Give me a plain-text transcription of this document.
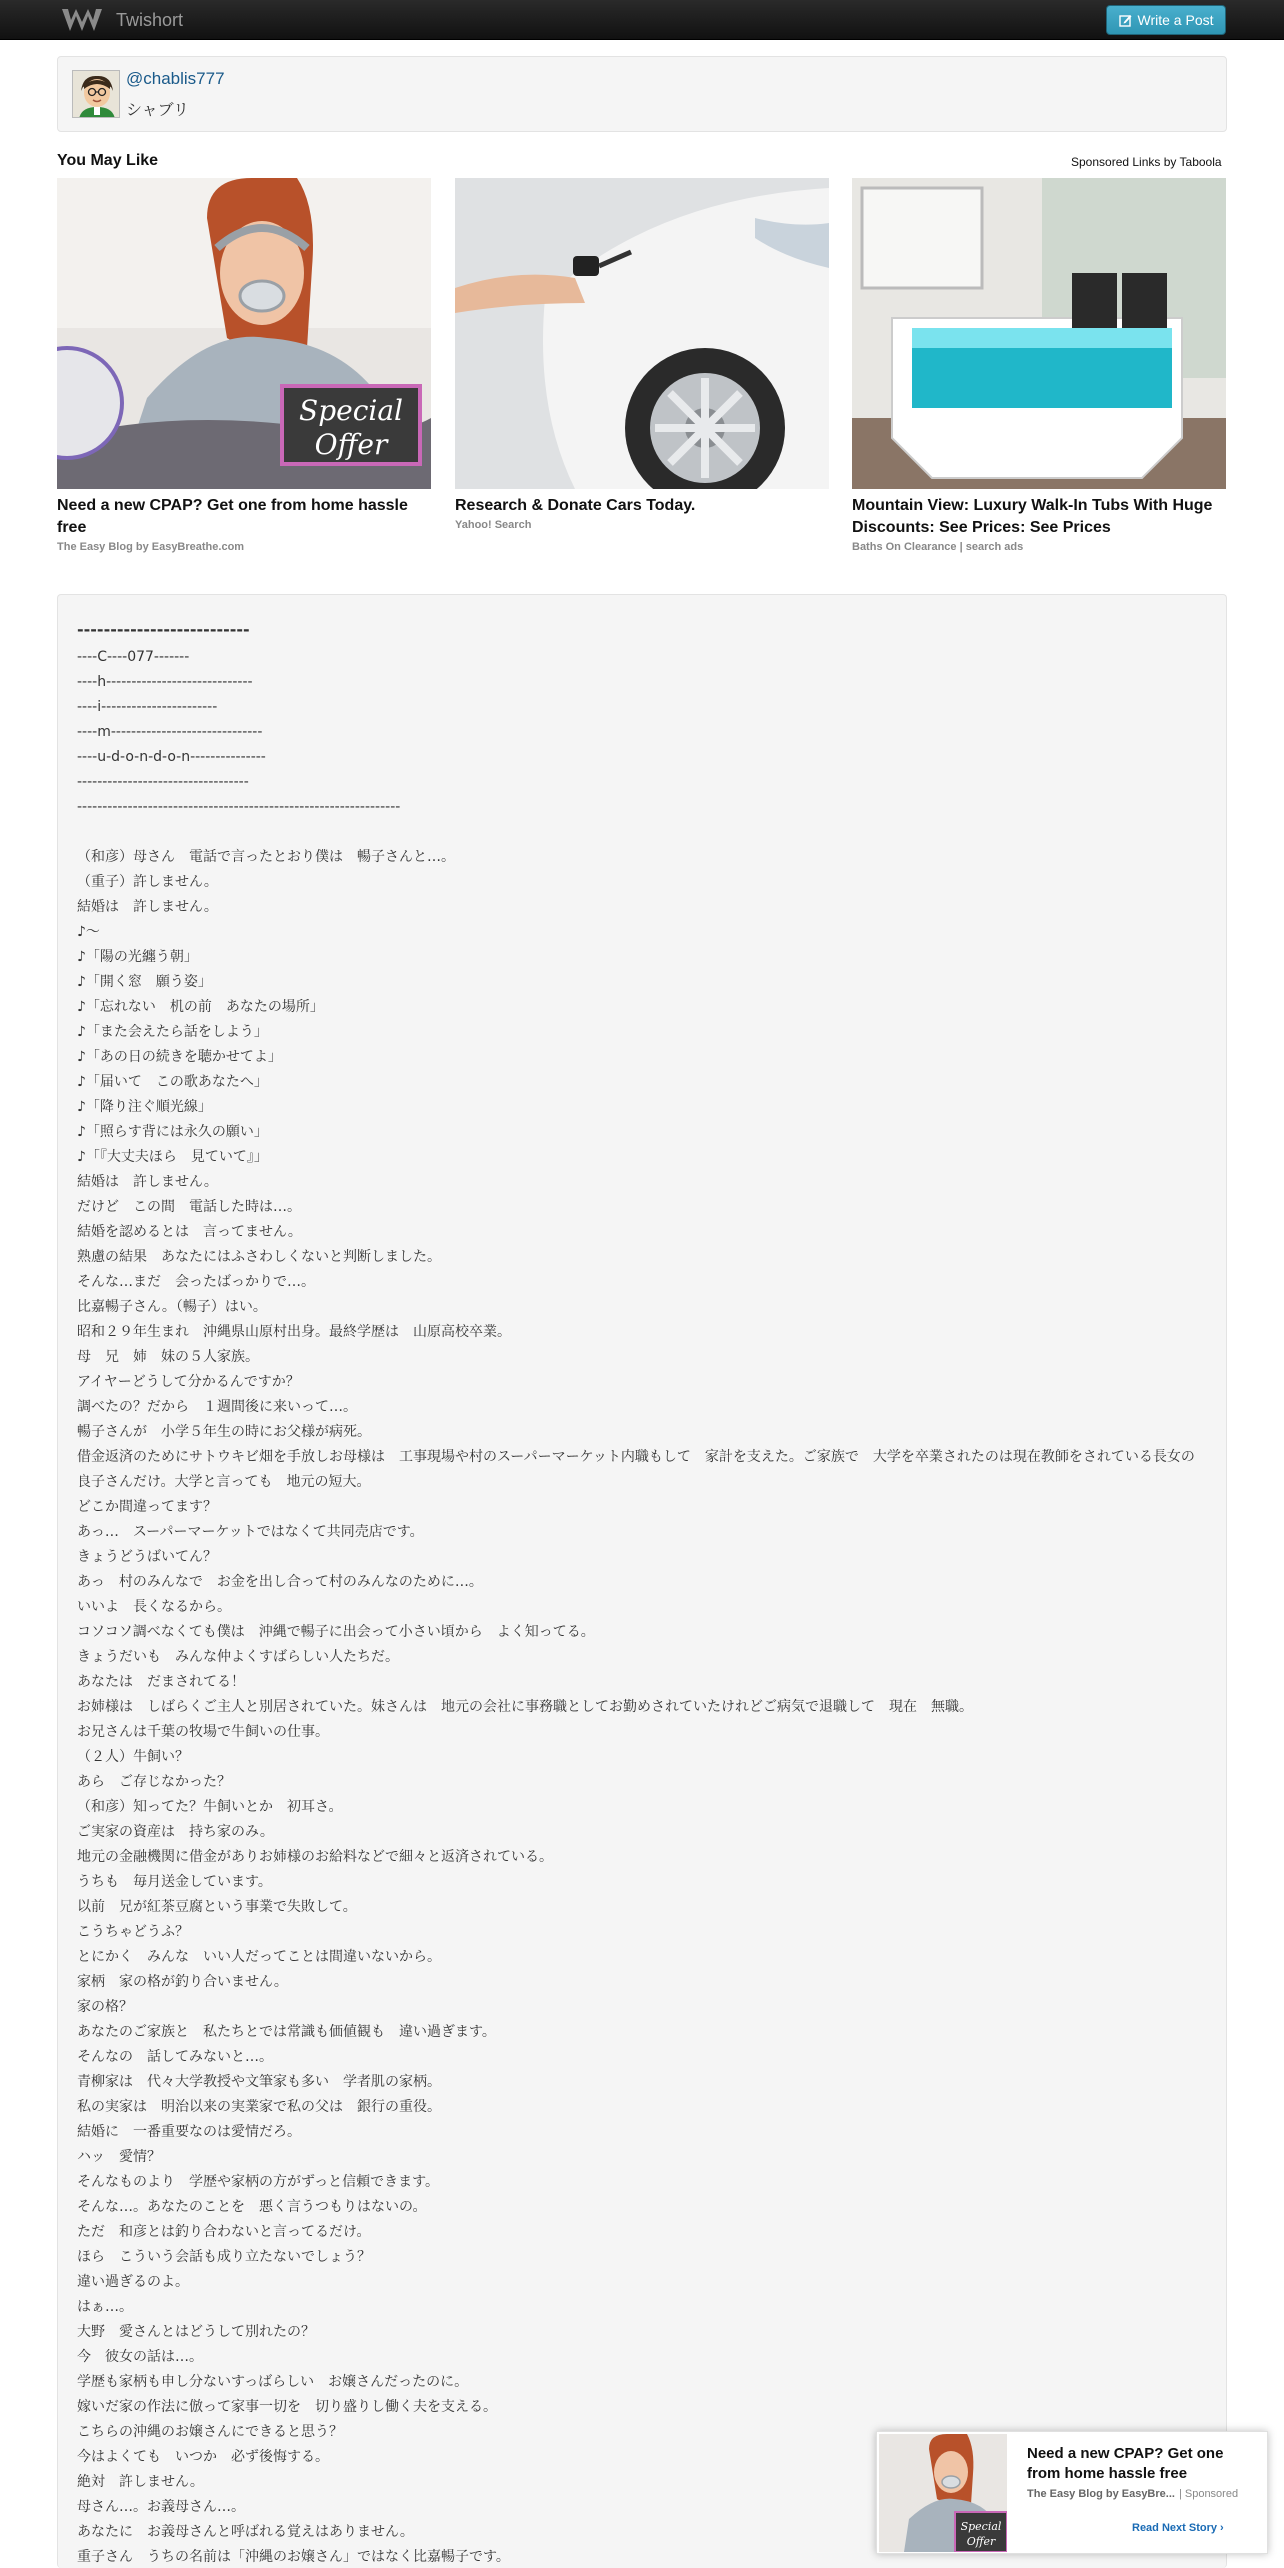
Twishort	Write a Post
@chablis777
シャブリ
You May Like	Sponsored Links by Taboola
Special
Offer
Need a new CPAP? Get one from home hassle free
The Easy Blog by EasyBreathe.com
Research & Donate Cars Today.
Yahoo! Search
Mountain View: Luxury Walk-In Tubs With Huge Discounts: See Prices: See Prices
Baths On Clearance | search ads
--------------------------
----C----077-------
----h-----------------------------
----i-----------------------
----m------------------------------
----u-d-o-n-d-o-n---------------
----------------------------------
----------------------------------------------------------------
（和彦）母さん　電話で言ったとおり僕は　暢子さんと…。
（重子）許しません。
結婚は　許しません。
♪～
♪「陽の光纏う朝」
♪「開く窓　願う姿」
♪「忘れない　机の前　あなたの場所」
♪「また会えたら話をしよう」
♪「あの日の続きを聴かせてよ」
♪「届いて　この歌あなたへ」
♪「降り注ぐ順光線」
♪「照らす背には永久の願い」
♪「『大丈夫ほら　見ていて』」
結婚は　許しません。
だけど　この間　電話した時は…。
結婚を認めるとは　言ってません。
熟慮の結果　あなたにはふさわしくないと判断しました。
そんな…まだ　会ったばっかりで…。
比嘉暢子さん。（暢子）はい。
昭和２９年生まれ　沖縄県山原村出身。最終学歴は　山原高校卒業。
母　兄　姉　妹の５人家族。
アイヤーどうして分かるんですか？
調べたの？だから　１週間後に来いって…。
暢子さんが　小学５年生の時にお父様が病死。
借金返済のためにサトウキビ畑を手放しお母様は　工事現場や村のスーパーマーケット内職もして　家計を支えた。ご家族で　大学を卒業されたのは現在教師をされている長女の良子さんだけ。大学と言っても　地元の短大。
どこか間違ってます？
あっ…　スーパーマーケットではなくて共同売店です。
きょうどうばいてん？
あっ　村のみんなで　お金を出し合って村のみんなのために…。
いいよ　長くなるから。
コソコソ調べなくても僕は　沖縄で暢子に出会って小さい頃から　よく知ってる。
きょうだいも　みんな仲よくすばらしい人たちだ。
あなたは　だまされてる！
お姉様は　しばらくご主人と別居されていた。妹さんは　地元の会社に事務職としてお勤めされていたけれどご病気で退職して　現在　無職。
お兄さんは千葉の牧場で牛飼いの仕事。
（２人）牛飼い？
あら　ご存じなかった？
（和彦）知ってた？牛飼いとか　初耳さ。
ご実家の資産は　持ち家のみ。
地元の金融機関に借金がありお姉様のお給料などで細々と返済されている。
うちも　毎月送金しています。
以前　兄が紅茶豆腐という事業で失敗して。
こうちゃどうふ？
とにかく　みんな　いい人だってことは間違いないから。
家柄　家の格が釣り合いません。
家の格？
あなたのご家族と　私たちとでは常識も価値観も　違い過ぎます。
そんなの　話してみないと…。
青柳家は　代々大学教授や文筆家も多い　学者肌の家柄。
私の実家は　明治以来の実業家で私の父は　銀行の重役。
結婚に　一番重要なのは愛情だろ。
ハッ　愛情？
そんなものより　学歴や家柄の方がずっと信頼できます。
そんな…。あなたのことを　悪く言うつもりはないの。
ただ　和彦とは釣り合わないと言ってるだけ。
ほら　こういう会話も成り立たないでしょう？
違い過ぎるのよ。
はぁ…。
大野　愛さんとはどうして別れたの？
今　彼女の話は…。
学歴も家柄も申し分ないすっばらしい　お嬢さんだったのに。
嫁いだ家の作法に倣って家事一切を　切り盛りし働く夫を支える。
こちらの沖縄のお嬢さんにできると思う？
今はよくても　いつか　必ず後悔する。
絶対　許しません。
母さん…。お義母さん…。
あなたに　お義母さんと呼ばれる覚えはありません。
重子さん　うちの名前は「沖縄のお嬢さん」ではなく比嘉暢子です。
Special
Offer
Need a new CPAP? Get one from home hassle free
The Easy Blog by EasyBre... | Sponsored
Read Next Story ›
